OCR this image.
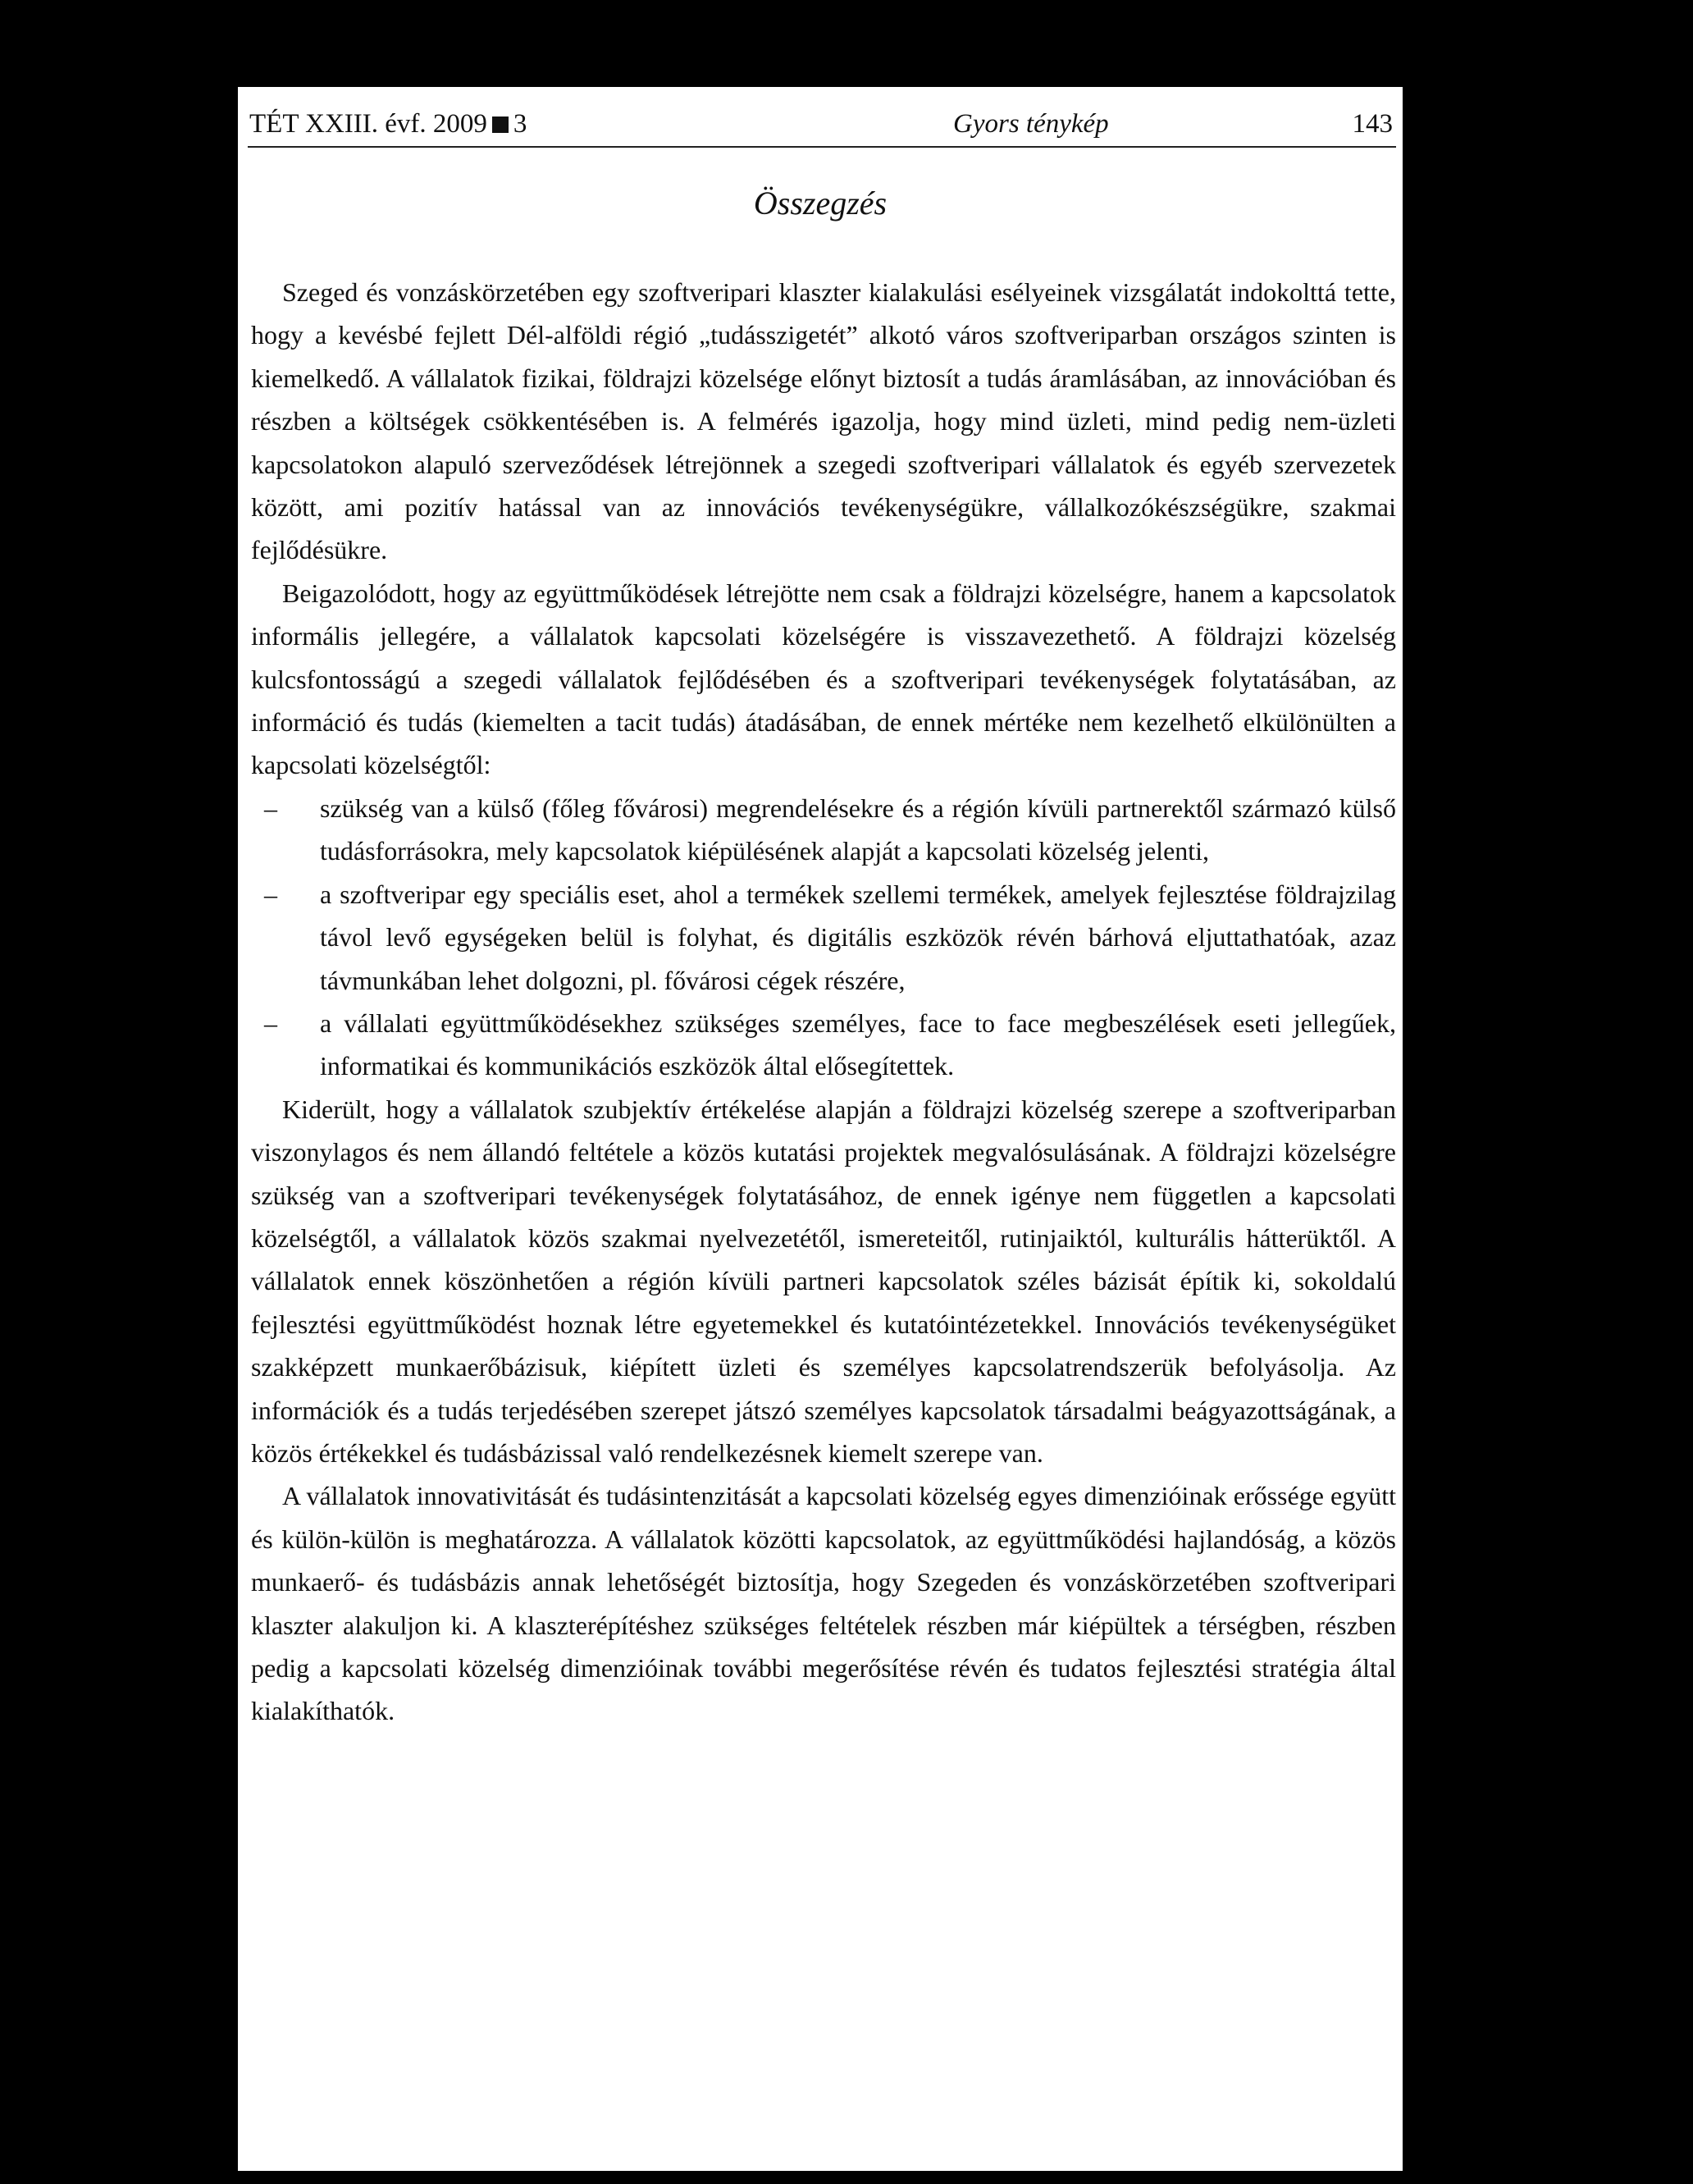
TÉT XXIII. évf. 2009 3	Gyors ténykép	143
Összegzés

Szeged és vonzáskörzetében egy szoftveripari klaszter kialakulási esélyeinek vizsgálatát indokolttá tette, hogy a kevésbé fejlett Dél-alföldi régió „tudásszigetét” alkotó város szoftveriparban országos szinten is kiemelkedő. A vállalatok fizikai, földrajzi közelsége előnyt biztosít a tudás áramlásában, az innovációban és részben a költségek csökkentésében is. A felmérés igazolja, hogy mind üzleti, mind pedig nem-üzleti kapcsolatokon alapuló szerveződések létrejönnek a szegedi szoftveripari vállalatok és egyéb szervezetek között, ami pozitív hatással van az innovációs tevékenységükre, vállalkozókészségükre, szakmai fejlődésükre.

Beigazolódott, hogy az együttműködések létrejötte nem csak a földrajzi közelségre, hanem a kapcsolatok informális jellegére, a vállalatok kapcsolati közelségére is visszavezethető. A földrajzi közelség kulcsfontosságú a szegedi vállalatok fejlődésében és a szoftveripari tevékenységek folytatásában, az információ és tudás (kiemelten a tacit tudás) átadásában, de ennek mértéke nem kezelhető elkülönülten a kapcsolati közelségtől:

– szükség van a külső (főleg fővárosi) megrendelésekre és a régión kívüli partnerektől származó külső tudásforrásokra, mely kapcsolatok kiépülésének alapját a kapcsolati közelség jelenti,
– a szoftveripar egy speciális eset, ahol a termékek szellemi termékek, amelyek fejlesztése földrajzilag távol levő egységeken belül is folyhat, és digitális eszközök révén bárhová eljuttathatóak, azaz távmunkában lehet dolgozni, pl. fővárosi cégek részére,
– a vállalati együttműködésekhez szükséges személyes, face to face megbeszélések eseti jellegűek, informatikai és kommunikációs eszközök által elősegítettek.

Kiderült, hogy a vállalatok szubjektív értékelése alapján a földrajzi közelség szerepe a szoftveriparban viszonylagos és nem állandó feltétele a közös kutatási projektek megvalósulásának. A földrajzi közelségre szükség van a szoftveripari tevékenységek folytatásához, de ennek igénye nem független a kapcsolati közelségtől, a vállalatok közös szakmai nyelvezetétől, ismereteitől, rutinjaiktól, kulturális hátterüktől. A vállalatok ennek köszönhetően a régión kívüli partneri kapcsolatok széles bázisát építik ki, sokoldalú fejlesztési együttműködést hoznak létre egyetemekkel és kutatóintézetekkel. Innovációs tevékenységüket szakképzett munkaerőbázisuk, kiépített üzleti és személyes kapcsolatrendszerük befolyásolja. Az információk és a tudás terjedésében szerepet játszó személyes kapcsolatok társadalmi beágyazottságának, a közös értékekkel és tudásbázissal való rendelkezésnek kiemelt szerepe van.

A vállalatok innovativitását és tudásintenzitását a kapcsolati közelség egyes dimenzióinak erőssége együtt és külön-külön is meghatározza. A vállalatok közötti kapcsolatok, az együttműködési hajlandóság, a közös munkaerő- és tudásbázis annak lehetőségét biztosítja, hogy Szegeden és vonzáskörzetében szoftveripari klaszter alakuljon ki. A klaszterépítéshez szükséges feltételek részben már kiépültek a térségben, részben pedig a kapcsolati közelség dimenzióinak további megerősítése révén és tudatos fejlesztési stratégia által kialakíthatók.
